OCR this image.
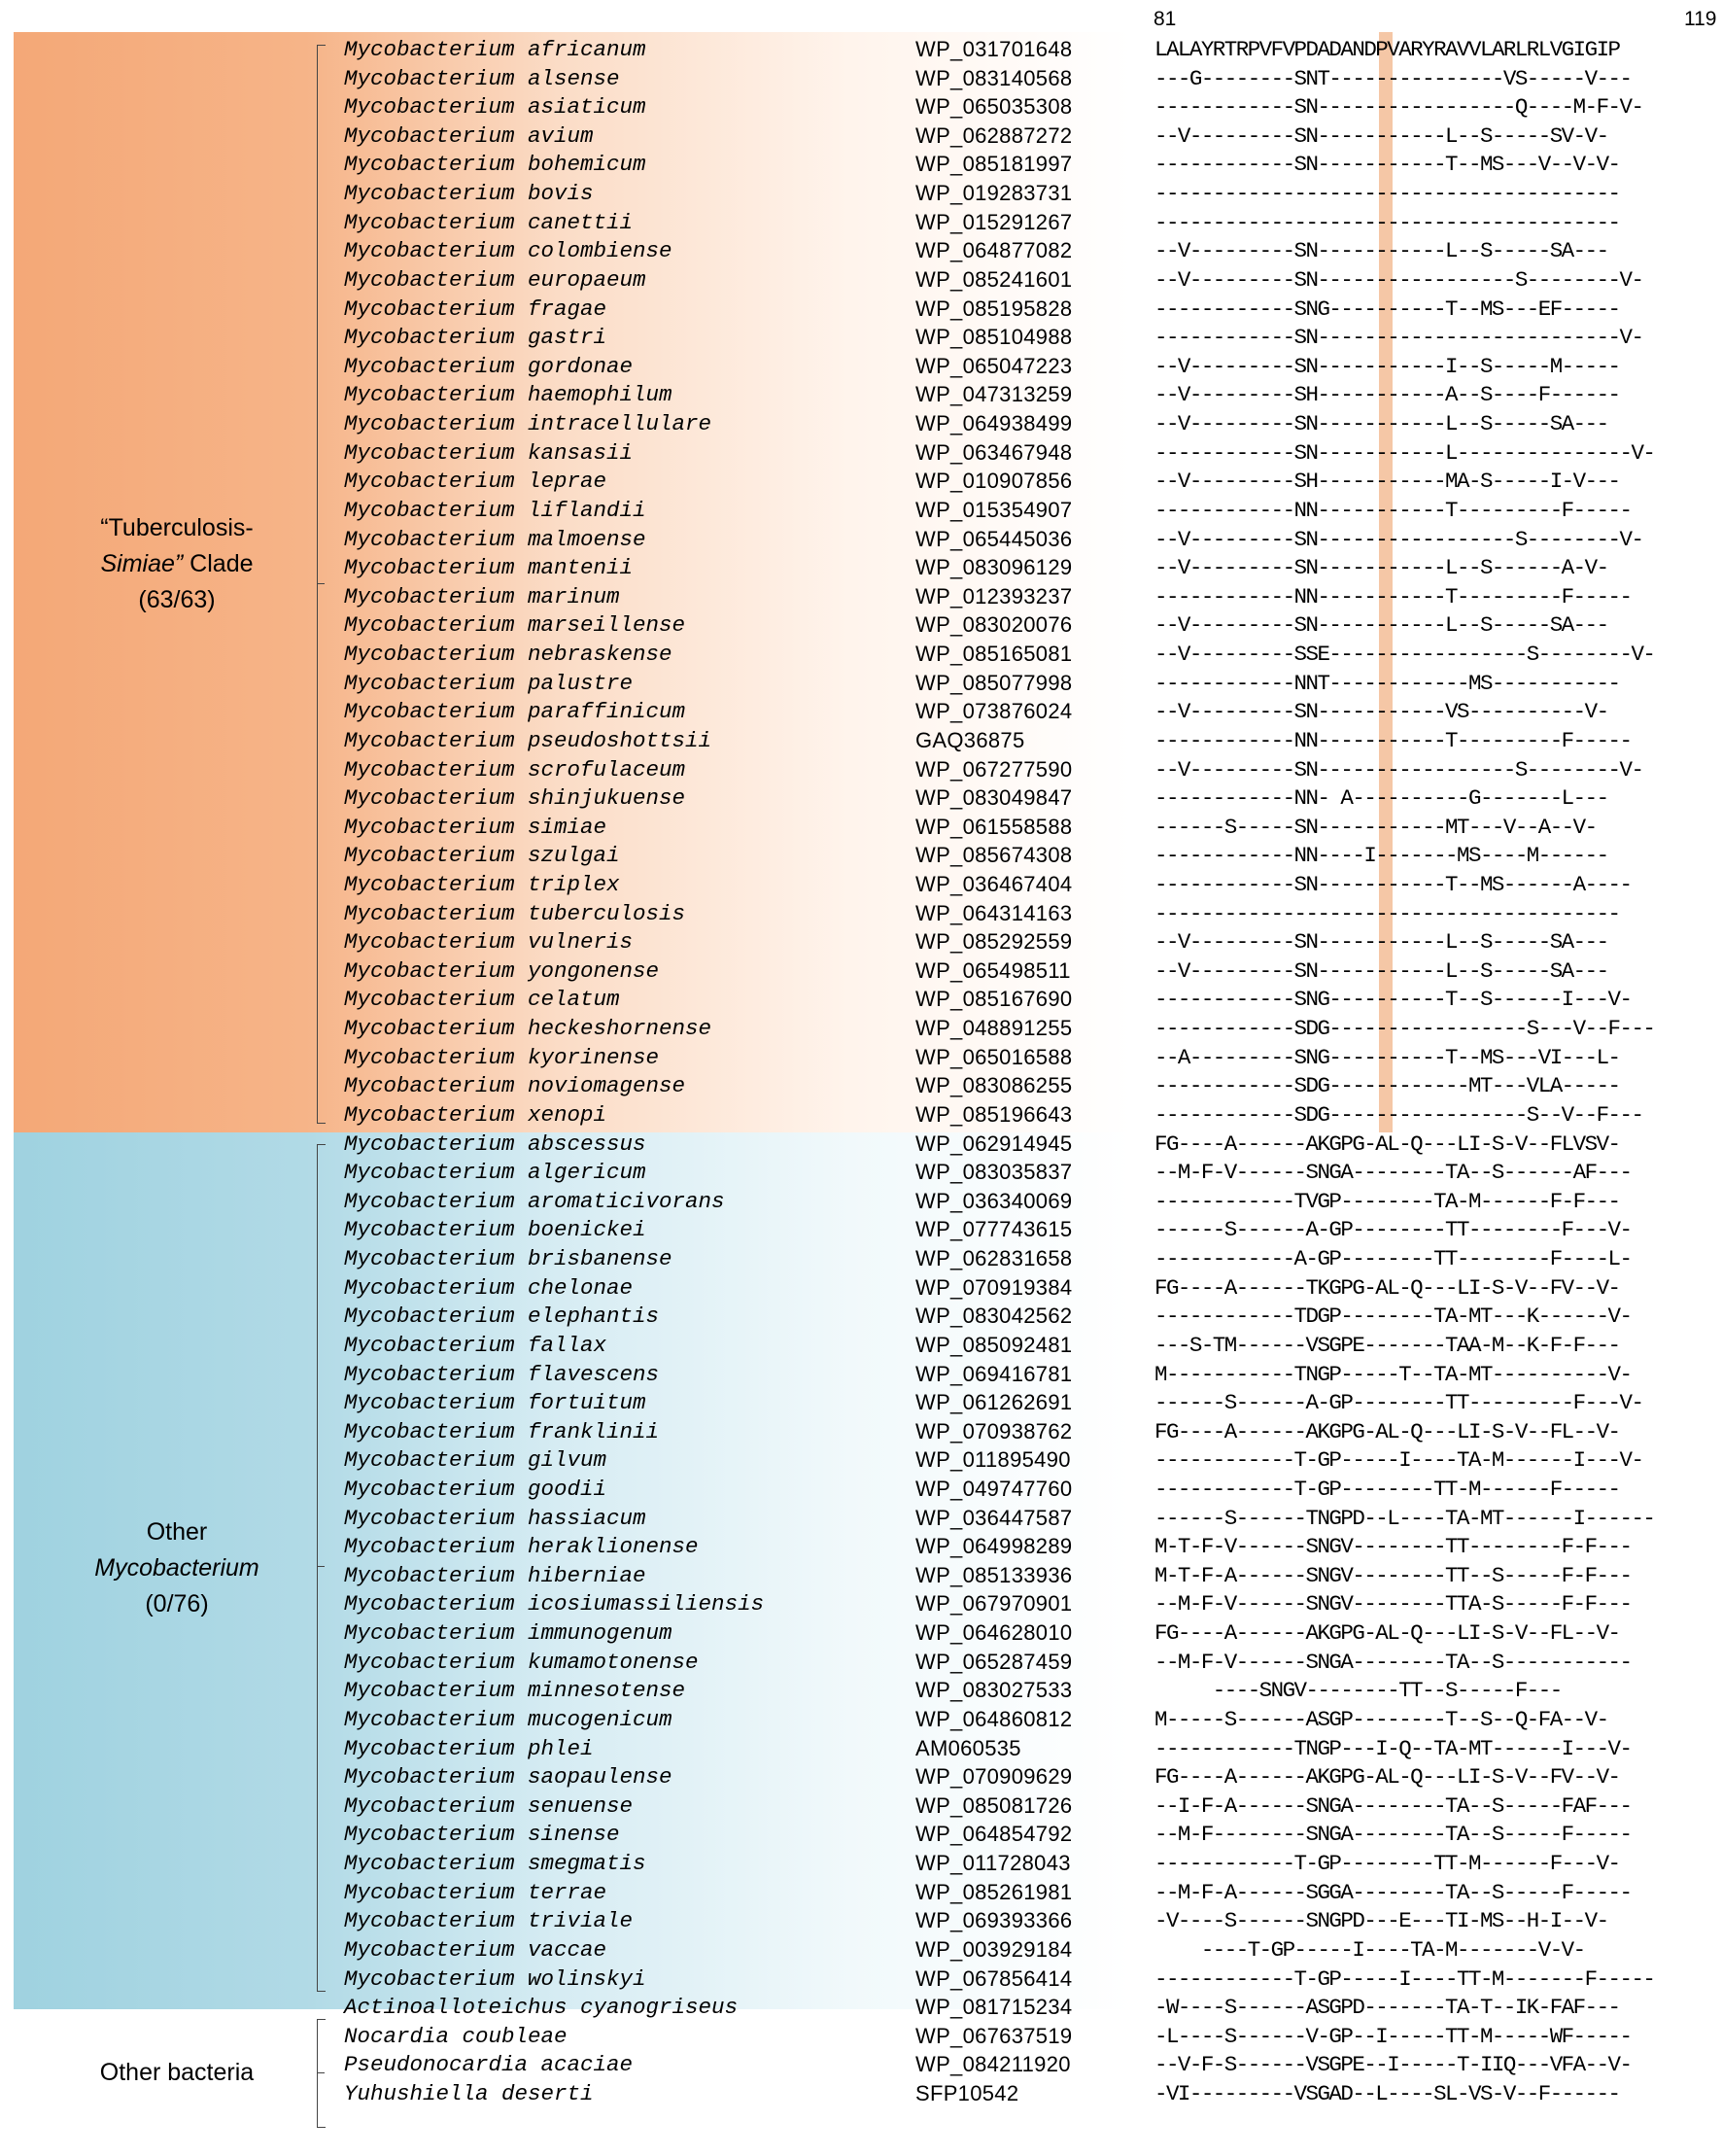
81	119
“Tuberculosis-
Simiae” Clade
(63/63)
Other
Mycobacterium
(0/76)
Other bacteria
Mycobacterium africanum	WP_031701648	LALAYRTRPVFVPDADANDPVARYRAVVLARLRLVGIGIP
Mycobacterium alsense	WP_083140568	---G--------SNT---------------VS-----V---
Mycobacterium asiaticum	WP_065035308	------------SN-----------------Q----M-F-V-
Mycobacterium avium	WP_062887272	--V---------SN-----------L--S-----SV-V-
Mycobacterium bohemicum	WP_085181997	------------SN-----------T--MS---V--V-V-
Mycobacterium bovis	WP_019283731	----------------------------------------
Mycobacterium canettii	WP_015291267	----------------------------------------
Mycobacterium colombiense	WP_064877082	--V---------SN-----------L--S-----SA---
Mycobacterium europaeum	WP_085241601	--V---------SN-----------------S--------V-
Mycobacterium fragae	WP_085195828	------------SNG----------T--MS---EF-----
Mycobacterium gastri	WP_085104988	------------SN--------------------------V-
Mycobacterium gordonae	WP_065047223	--V---------SN-----------I--S-----M-----
Mycobacterium haemophilum	WP_047313259	--V---------SH-----------A--S----F------
Mycobacterium intracellulare	WP_064938499	--V---------SN-----------L--S-----SA---
Mycobacterium kansasii	WP_063467948	------------SN-----------L---------------V-
Mycobacterium leprae	WP_010907856	--V---------SH-----------MA-S-----I-V---
Mycobacterium liflandii	WP_015354907	------------NN-----------T---------F-----
Mycobacterium malmoense	WP_065445036	--V---------SN-----------------S--------V-
Mycobacterium mantenii	WP_083096129	--V---------SN-----------L--S------A-V-
Mycobacterium marinum	WP_012393237	------------NN-----------T---------F-----
Mycobacterium marseillense	WP_083020076	--V---------SN-----------L--S-----SA---
Mycobacterium nebraskense	WP_085165081	--V---------SSE-----------------S--------V-
Mycobacterium palustre	WP_085077998	------------NNT------------MS-----------
Mycobacterium paraffinicum	WP_073876024	--V---------SN-----------VS----------V-
Mycobacterium pseudoshottsii	GAQ36875	------------NN-----------T---------F-----
Mycobacterium scrofulaceum	WP_067277590	--V---------SN-----------------S--------V-
Mycobacterium shinjukuense	WP_083049847	------------NN- A----------G-------L---
Mycobacterium simiae	WP_061558588	------S-----SN-----------MT---V--A--V-
Mycobacterium szulgai	WP_085674308	------------NN----I-------MS----M------
Mycobacterium triplex	WP_036467404	------------SN-----------T--MS------A----
Mycobacterium tuberculosis	WP_064314163	----------------------------------------
Mycobacterium vulneris	WP_085292559	--V---------SN-----------L--S-----SA---
Mycobacterium yongonense	WP_065498511	--V---------SN-----------L--S-----SA---
Mycobacterium celatum	WP_085167690	------------SNG----------T--S------I---V-
Mycobacterium heckeshornense	WP_048891255	------------SDG-----------------S---V--F---
Mycobacterium kyorinense	WP_065016588	--A---------SNG----------T--MS---VI---L-
Mycobacterium noviomagense	WP_083086255	------------SDG------------MT---VLA-----
Mycobacterium xenopi	WP_085196643	------------SDG-----------------S--V--F---
Mycobacterium abscessus	WP_062914945	FG----A------AKGPG-AL-Q---LI-S-V--FLVSV-
Mycobacterium algericum	WP_083035837	--M-F-V------SNGA--------TA--S------AF---
Mycobacterium aromaticivorans	WP_036340069	------------TVGP--------TA-M------F-F---
Mycobacterium boenickei	WP_077743615	------S------A-GP--------TT--------F---V-
Mycobacterium brisbanense	WP_062831658	------------A-GP--------TT--------F----L-
Mycobacterium chelonae	WP_070919384	FG----A------TKGPG-AL-Q---LI-S-V--FV--V-
Mycobacterium elephantis	WP_083042562	------------TDGP--------TA-MT---K------V-
Mycobacterium fallax	WP_085092481	---S-TM------VSGPE-------TAA-M--K-F-F---
Mycobacterium flavescens	WP_069416781	M-----------TNGP-----T--TA-MT----------V-
Mycobacterium fortuitum	WP_061262691	------S------A-GP--------TT---------F---V-
Mycobacterium franklinii	WP_070938762	FG----A------AKGPG-AL-Q---LI-S-V--FL--V-
Mycobacterium gilvum	WP_011895490	------------T-GP-----I----TA-M------I---V-
Mycobacterium goodii	WP_049747760	------------T-GP--------TT-M------F-----
Mycobacterium hassiacum	WP_036447587	------S------TNGPD--L----TA-MT------I------
Mycobacterium heraklionense	WP_064998289	M-T-F-V------SNGV--------TT--------F-F---
Mycobacterium hiberniae	WP_085133936	M-T-F-A------SNGV--------TT--S-----F-F---
Mycobacterium icosiumassiliensis	WP_067970901	--M-F-V------SNGV--------TTA-S-----F-F---
Mycobacterium immunogenum	WP_064628010	FG----A------AKGPG-AL-Q---LI-S-V--FL--V-
Mycobacterium kumamotonense	WP_065287459	--M-F-V------SNGA--------TA--S-----------
Mycobacterium minnesotense	WP_083027533	----SNGV--------TT--S-----F---
Mycobacterium mucogenicum	WP_064860812	M-----S------ASGP--------T--S--Q-FA--V-
Mycobacterium phlei	AM060535	------------TNGP---I-Q--TA-MT------I---V-
Mycobacterium saopaulense	WP_070909629	FG----A------AKGPG-AL-Q---LI-S-V--FV--V-
Mycobacterium senuense	WP_085081726	--I-F-A------SNGA--------TA--S-----FAF---
Mycobacterium sinense	WP_064854792	--M-F--------SNGA--------TA--S-----F-----
Mycobacterium smegmatis	WP_011728043	------------T-GP--------TT-M------F---V-
Mycobacterium terrae	WP_085261981	--M-F-A------SGGA--------TA--S-----F-----
Mycobacterium triviale	WP_069393366	-V----S------SNGPD---E---TI-MS--H-I--V-
Mycobacterium vaccae	WP_003929184	----T-GP-----I----TA-M-------V-V-
Mycobacterium wolinskyi	WP_067856414	------------T-GP-----I----TT-M-------F-----
Actinoalloteichus cyanogriseus	WP_081715234	-W----S------ASGPD-------TA-T--IK-FAF---
Nocardia coubleae	WP_067637519	-L----S------V-GP--I-----TT-M-----WF-----
Pseudonocardia acaciae	WP_084211920	--V-F-S------VSGPE--I-----T-IIQ---VFA--V-
Yuhushiella deserti	SFP10542	-VI---------VSGAD--L----SL-VS-V--F------
